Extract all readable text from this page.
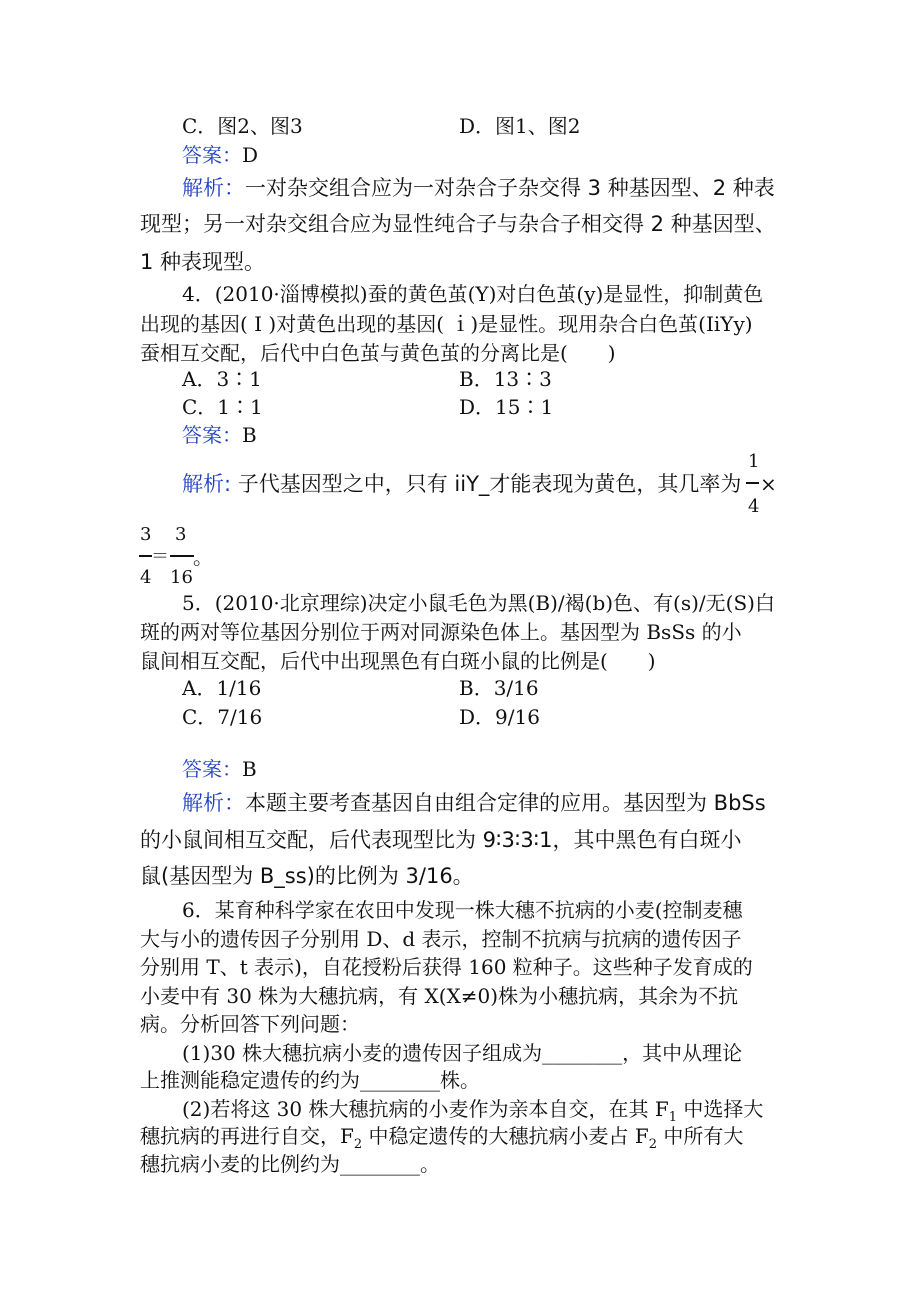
C．图2、图3	D．图1、图2
答案：D
解析：一对杂交组合应为一对杂合子杂交得 3 种基因型、2 种表
现型；另一对杂交组合应为显性纯合子与杂合子相交得 2 种基因型、
1 种表现型。
4．(2010·淄博模拟)蚕的黄色茧(Y)对白色茧(y)是显性，抑制黄色
出现的基因( Ⅰ )对黄色出现的基因( ｉ)是显性。现用杂合白色茧(IiYy)
蚕相互交配，后代中白色茧与黄色茧的分离比是(　　)
A．3∶1	B．13∶3
C．1∶1	D．15∶1
答案：B
解析: 子代基因型之中，只有 iiY_才能表现为黄色，其几率为
1
4
×
3
4
＝
3
16
。
5．(2010·北京理综)决定小鼠毛色为黑(B)/褐(b)色、有(s)/无(S)白
斑的两对等位基因分别位于两对同源染色体上。基因型为 BsSs 的小
鼠间相互交配，后代中出现黑色有白斑小鼠的比例是(　　)
A．1/16	B．3/16
C．7/16	D．9/16
答案：B
解析：本题主要考查基因自由组合定律的应用。基因型为 BbSs
的小鼠间相互交配，后代表现型比为 9∶3∶3∶1，其中黑色有白斑小
鼠(基因型为 B_ss)的比例为 3/16。
6．某育种科学家在农田中发现一株大穗不抗病的小麦(控制麦穗
大与小的遗传因子分别用 D、d 表示，控制不抗病与抗病的遗传因子
分别用 T、t 表示)，自花授粉后获得 160 粒种子。这些种子发育成的
小麦中有 30 株为大穗抗病，有 X(X≠0)株为小穗抗病，其余为不抗
病。分析回答下列问题：
(1)30 株大穗抗病小麦的遗传因子组成为________，其中从理论
上推测能稳定遗传的约为________株。
(2)若将这 30 株大穗抗病的小麦作为亲本自交，在其 $F_1$ 中选择大
穗抗病的再进行自交，$F_2$ 中稳定遗传的大穗抗病小麦占 $F_2$ 中所有大
穗抗病小麦的比例约为________。
